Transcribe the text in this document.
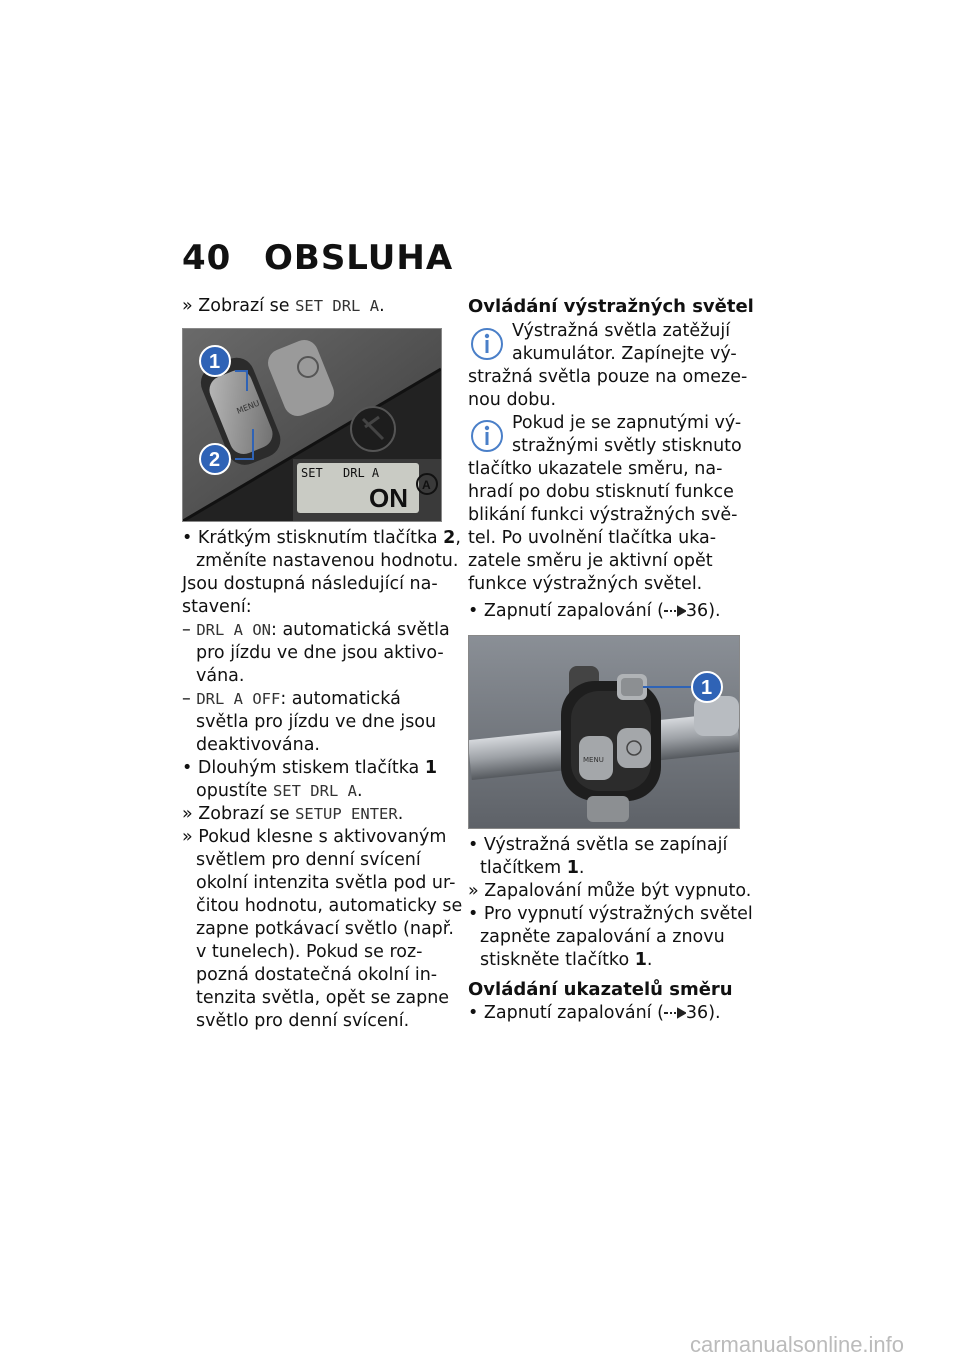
40 OBSLUHA
» Zobrazí se SET DRL A.
MENU
SET DRL A
ON A
1
2
• Krátkým stisknutím tlačítka 2,
změníte nastavenou hodnotu.
Jsou dostupná následující na-
stavení:
– DRL A ON: automatická světla
pro jízdu ve dne jsou aktivo-
vána.
– DRL A OFF: automatická
světla pro jízdu ve dne jsou
deaktivována.
• Dlouhým stiskem tlačítka 1
opustíte SET DRL A.
» Zobrazí se SETUP ENTER.
» Pokud klesne s aktivovaným
světlem pro denní svícení
okolní intenzita světla pod ur-
čitou hodnotu, automaticky se
zapne potkávací světlo (např.
v tunelech). Pokud se roz-
pozná dostatečná okolní in-
tenzita světla, opět se zapne
světlo pro denní svícení.
Ovládání výstražných světel
Výstražná světla zatěžují
akumulátor. Zapínejte vý-
stražná světla pouze na omeze-
nou dobu.
Pokud je se zapnutými vý-
stražnými světly stisknuto
tlačítko ukazatele směru, na-
hradí po dobu stisknutí funkce
blikání funkci výstražných svě-
tel. Po uvolnění tlačítka uka-
zatele směru je aktivní opět
funkce výstražných světel.
• Zapnutí zapalování ( 36).
MENU
1
• Výstražná světla se zapínají
tlačítkem 1.
» Zapalování může být vypnuto.
• Pro vypnutí výstražných světel
zapněte zapalování a znovu
stiskněte tlačítko 1.
Ovládání ukazatelů směru
• Zapnutí zapalování ( 36).
carmanualsonline.info
